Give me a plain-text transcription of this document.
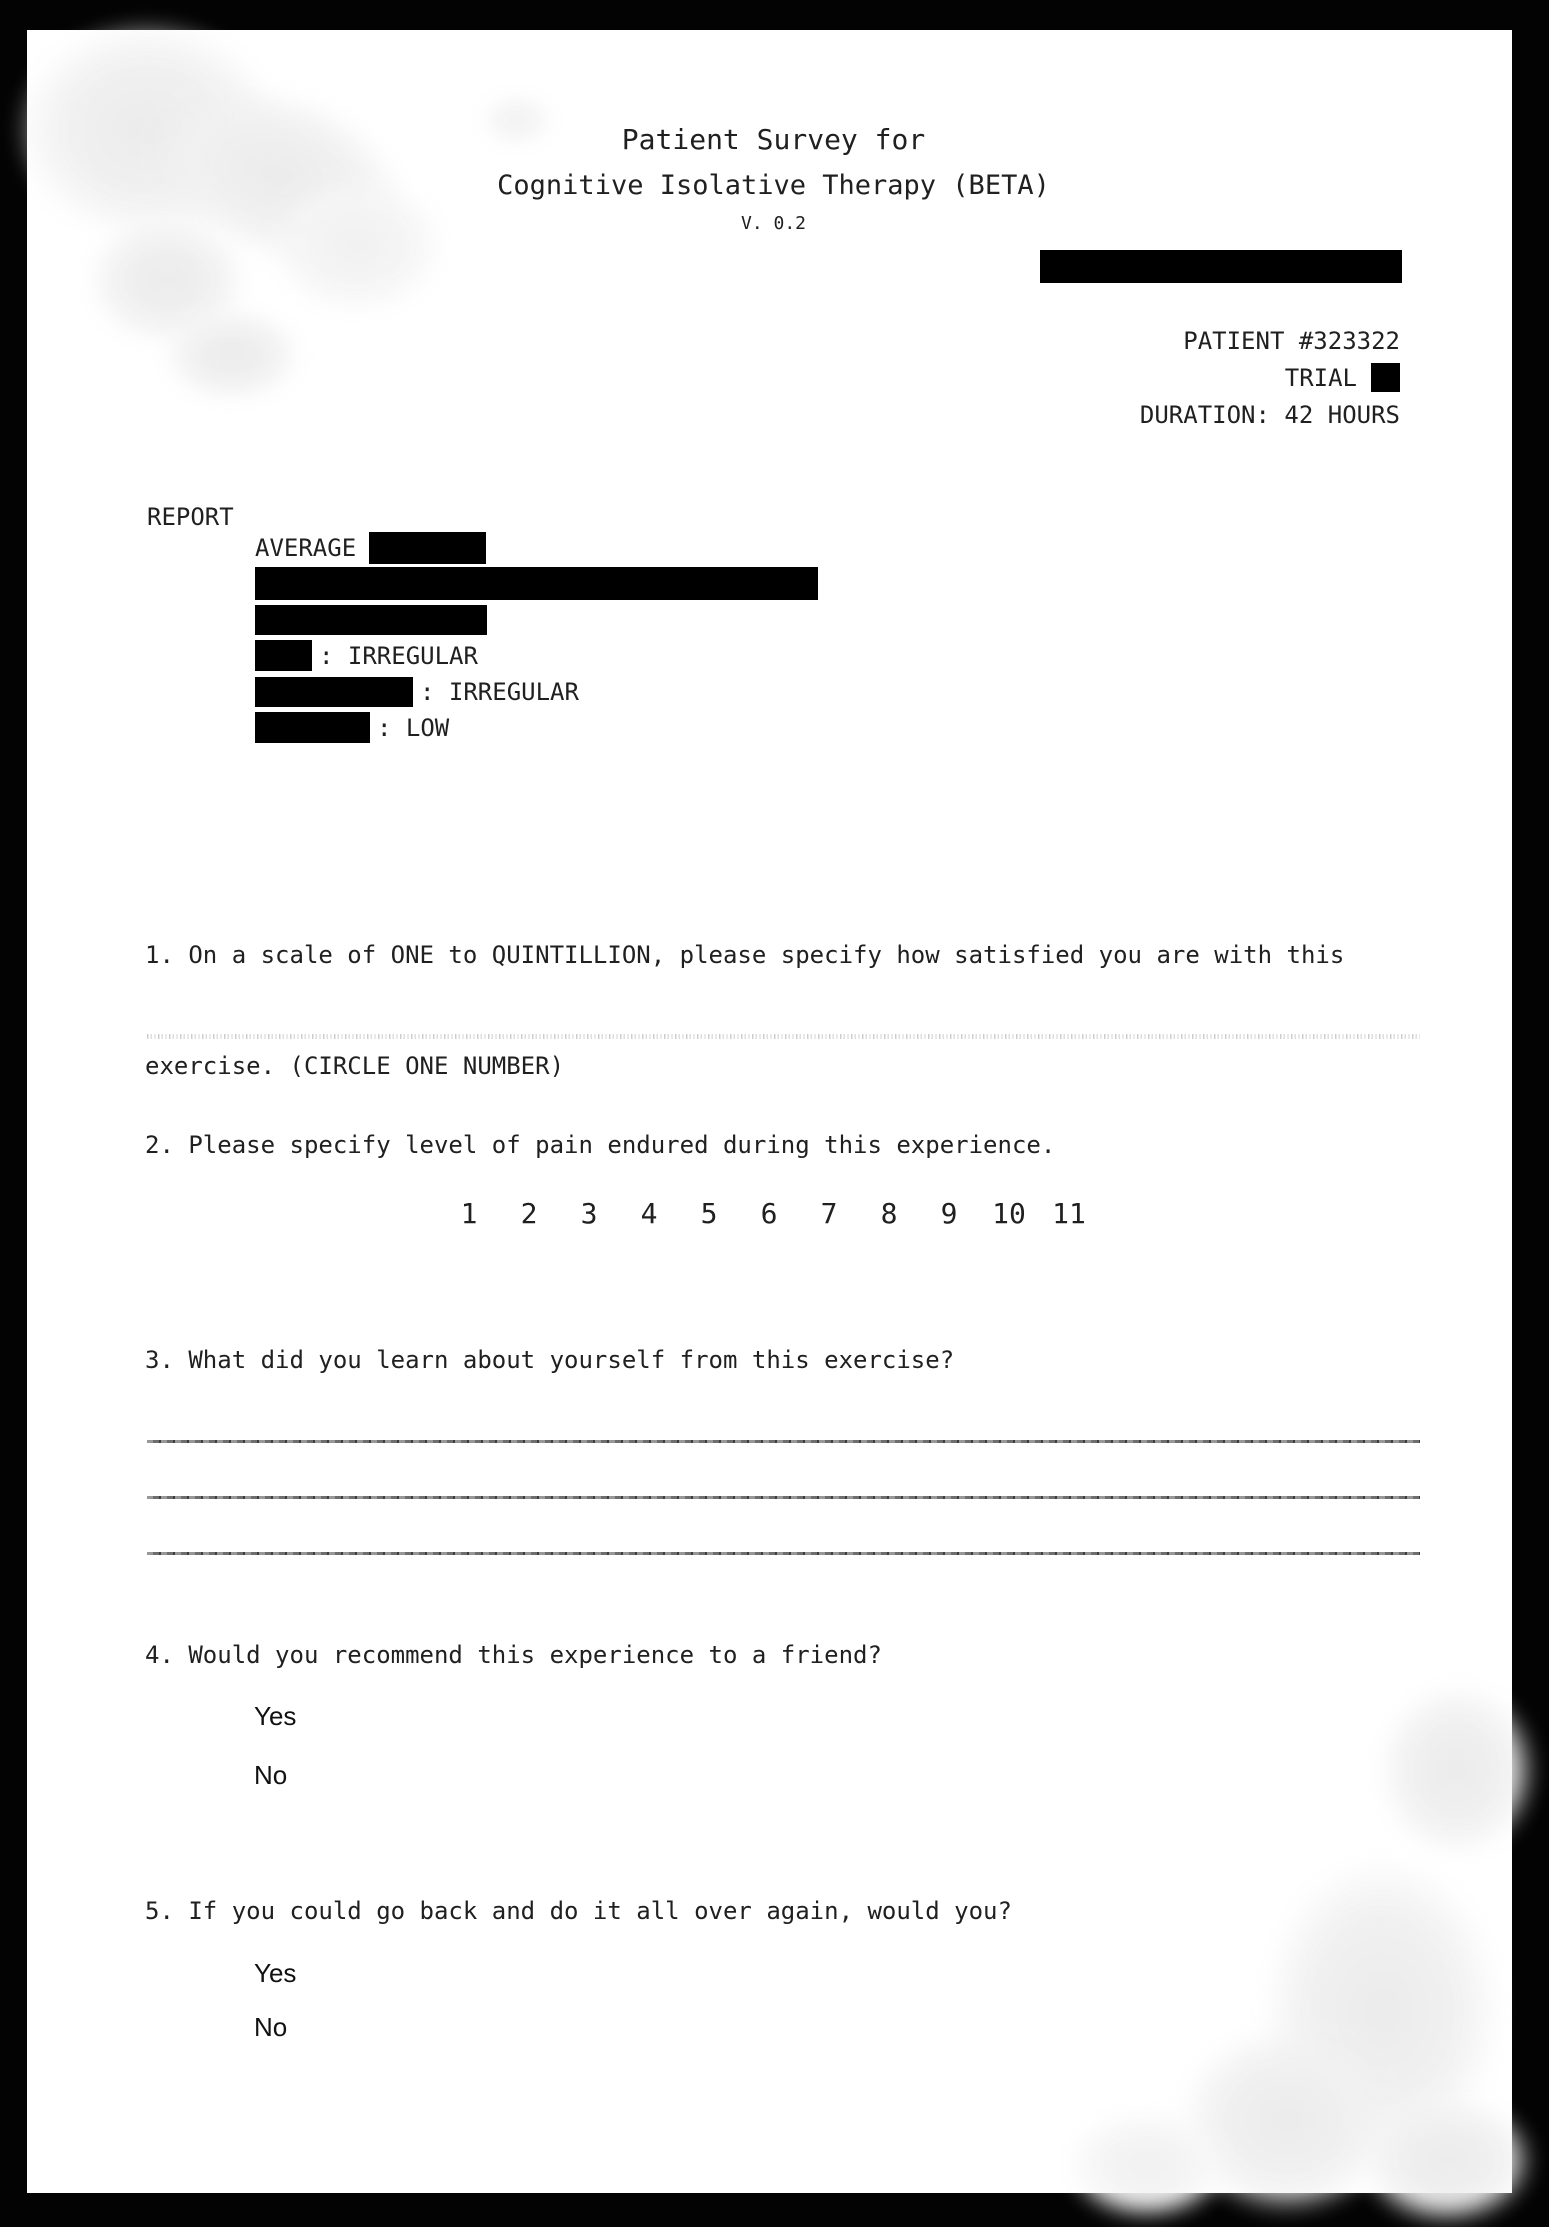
Patient Survey for
Cognitive Isolative Therapy (BETA)
V. 0.2
PATIENT #323322
TRIAL
DURATION: 42 HOURS
REPORT
AVERAGE
: IRREGULAR
: IRREGULAR
: LOW

1. On a scale of ONE to QUINTILLION, please specify how satisfied you are with this

exercise. (CIRCLE ONE NUMBER)

2. Please specify level of pain endured during this experience.
1	2	3	4	5	6	7	8	9	10 11
3. What did you learn about yourself from this exercise?
4. Would you recommend this experience to a friend?
Yes
No
5. If you could go back and do it all over again, would you?
Yes
No
